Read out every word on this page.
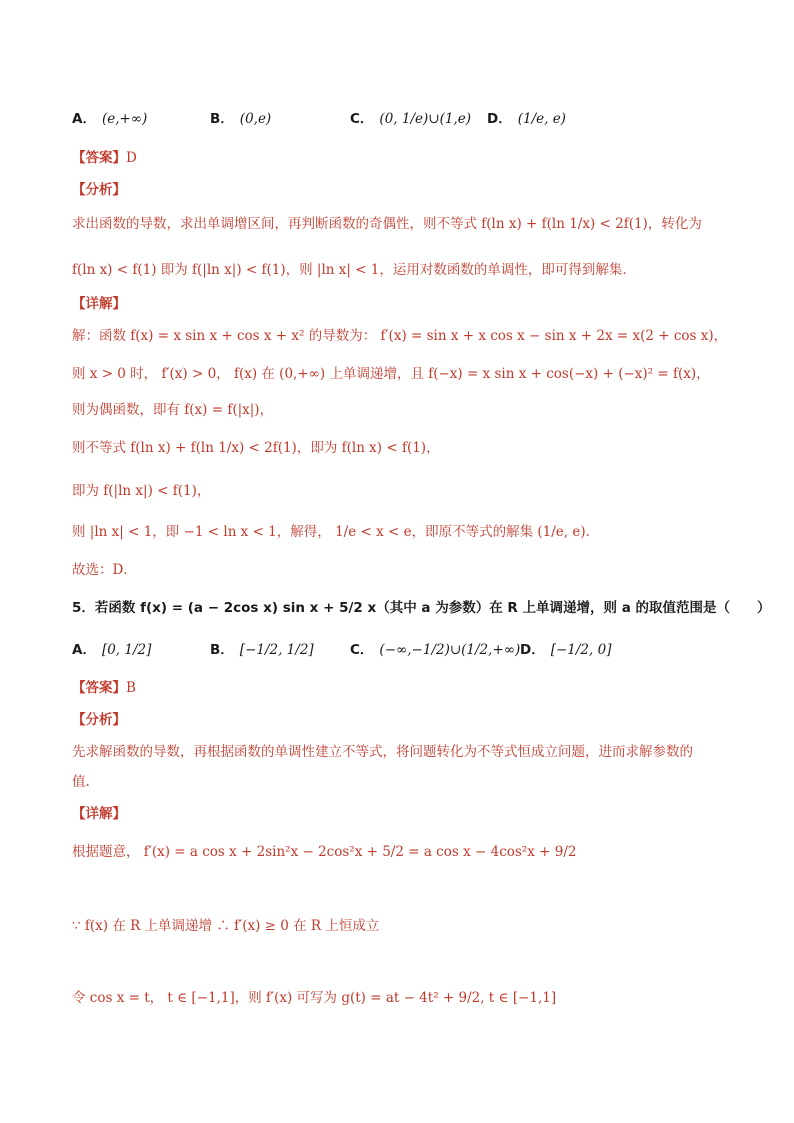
A． (e,+∞)	B． (0,e)	C． (0, 1/e)∪(1,e) D． (1/e, e)
【答案】D
【分析】
求出函数的导数，求出单调增区间，再判断函数的奇偶性，则不等式 f(ln x) + f(ln 1/x) < 2f(1)，转化为
f(ln x) < f(1) 即为 f(|ln x|) < f(1)，则 |ln x| < 1，运用对数函数的单调性，即可得到解集．
【详解】
解：函数 f(x) = x sin x + cos x + x² 的导数为： f′(x) = sin x + x cos x − sin x + 2x = x(2 + cos x)，
则 x > 0 时， f′(x) > 0， f(x) 在 (0,+∞) 上单调递增，且 f(−x) = x sin x + cos(−x) + (−x)² = f(x)，
则为偶函数，即有 f(x) = f(|x|)，
则不等式 f(ln x) + f(ln 1/x) < 2f(1)，即为 f(ln x) < f(1)，
即为 f(|ln x|) < f(1)，
则 |ln x| < 1，即 −1 < ln x < 1，解得， 1/e < x < e，即原不等式的解集 (1/e, e)．
故选：D．
5．若函数 f(x) = (a − 2cos x) sin x + 5/2 x（其中 a 为参数）在 R 上单调递增，则 a 的取值范围是（　　）
A． [0, 1/2]	B． [−1/2, 1/2]	C． (−∞,−1/2)∪(1/2,+∞) D． [−1/2, 0]
【答案】B
【分析】
先求解函数的导数，再根据函数的单调性建立不等式，将问题转化为不等式恒成立问题，进而求解参数的
值.
【详解】
根据题意， f′(x) = a cos x + 2sin²x − 2cos²x + 5/2 = a cos x − 4cos²x + 9/2
∵ f(x) 在 R 上单调递增 ∴ f′(x) ≥ 0 在 R 上恒成立
令 cos x = t， t ∈ [−1,1]，则 f′(x) 可写为 g(t) = at − 4t² + 9/2, t ∈ [−1,1]
